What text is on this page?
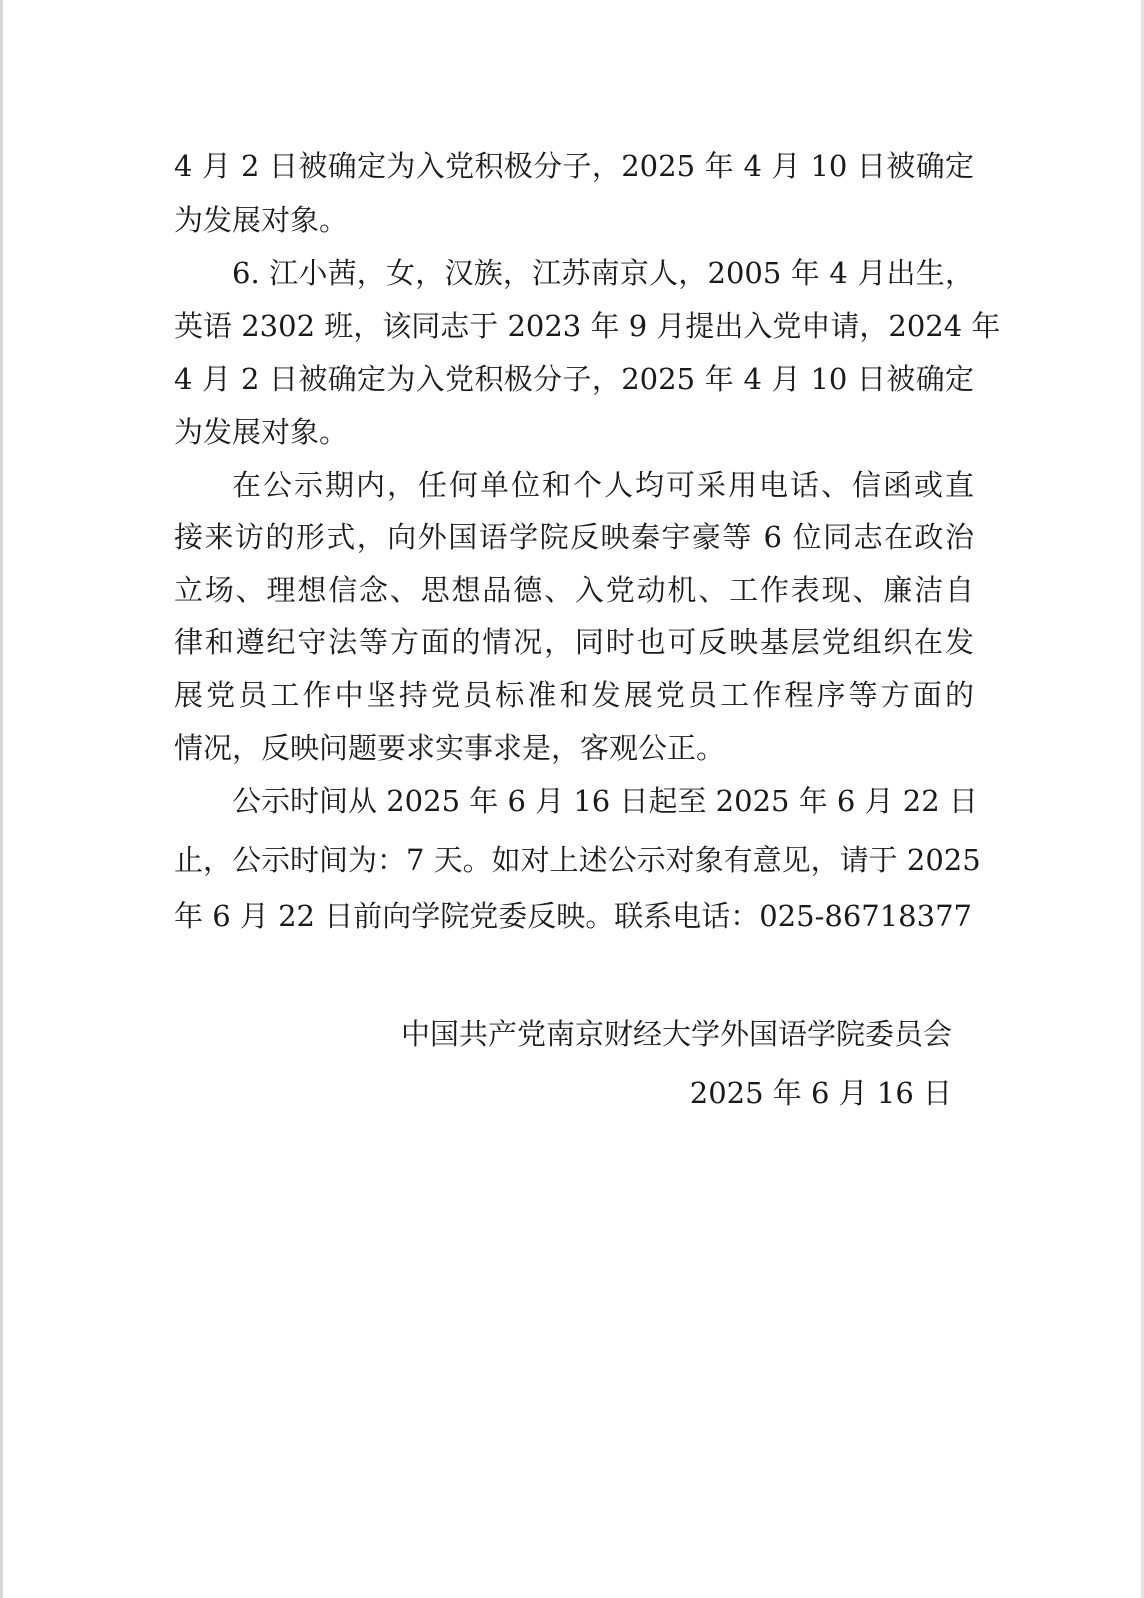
4 月 2 日被确定为入党积极分子，2025 年 4 月 10 日被确定
为发展对象。
6. 江小茜，女，汉族，江苏南京人，2005 年 4 月出生，
英语 2302 班，该同志于 2023 年 9 月提出入党申请，2024 年
4 月 2 日被确定为入党积极分子，2025 年 4 月 10 日被确定
为发展对象。
在公示期内，任何单位和个人均可采用电话、信函或直
接来访的形式，向外国语学院反映秦宇豪等 6 位同志在政治
立场、理想信念、思想品德、入党动机、工作表现、廉洁自
律和遵纪守法等方面的情况，同时也可反映基层党组织在发
展党员工作中坚持党员标准和发展党员工作程序等方面的
情况，反映问题要求实事求是，客观公正。
公示时间从 2025 年 6 月 16 日起至 2025 年 6 月 22 日
止，公示时间为：7 天。如对上述公示对象有意见，请于 2025
年 6 月 22 日前向学院党委反映。联系电话：025-86718377
中国共产党南京财经大学外国语学院委员会
2025 年 6 月 16 日
